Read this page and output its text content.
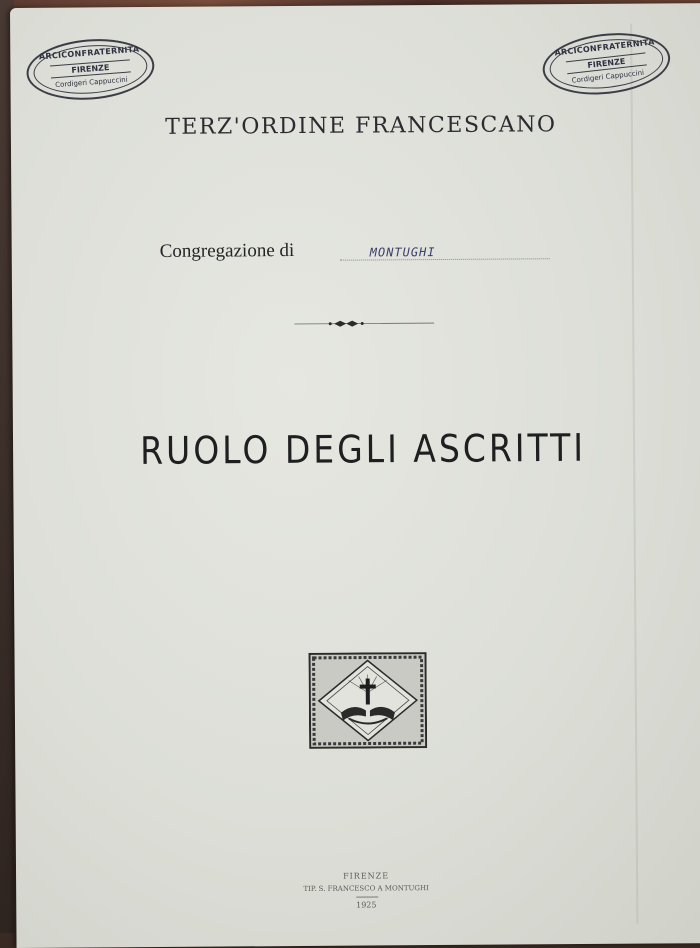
ARCICONFRATERNITA
FIRENZE
Cordigeri Cappuccini
ARCICONFRATERNITA
FIRENZE
Cordigeri Cappuccini
TERZ'ORDINE FRANCESCANO
Congregazione di	MONTUGHI
RUOLO DEGLI ASCRITTI
FIRENZE
TIP. S. FRANCESCO A MONTUGHI
1925
